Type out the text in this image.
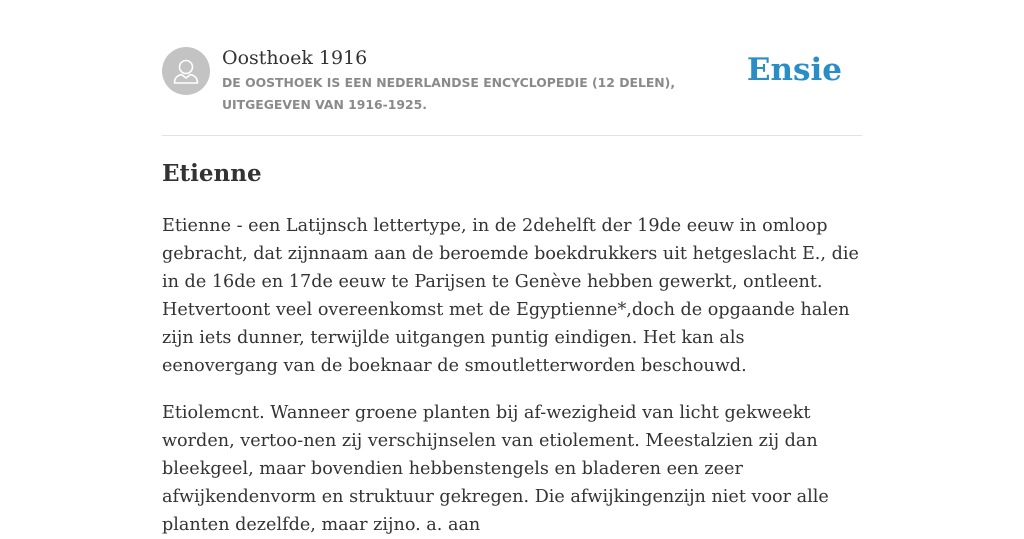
Oosthoek 1916
DE OOSTHOEK IS EEN NEDERLANDSE ENCYCLOPEDIE (12 DELEN), UITGEGEVEN VAN 1916-1925.
Ensie
Etienne

Etienne - een Latijnsch lettertype, in de 2dehelft der 19de eeuw in omloop gebracht, dat zijnnaam aan de beroemde boekdrukkers uit hetgeslacht E., die in de 16de en 17de eeuw te Parijsen te Genève hebben gewerkt, ontleent. Hetvertoont veel overeenkomst met de Egyptienne*,doch de opgaande halen zijn iets dunner, terwijlde uitgangen puntig eindigen. Het kan als eenovergang van de boeknaar de smoutletterworden beschouwd.

Etiolemcnt. Wanneer groene planten bij af-wezigheid van licht gekweekt worden, vertoo-nen zij verschijnselen van etiolement. Meestalzien zij dan bleekgeel, maar bovendien hebbenstengels en bladeren een zeer afwijkendenvorm en struktuur gekregen. Die afwijkingenzijn niet voor alle planten dezelfde, maar zijno. a. aan
